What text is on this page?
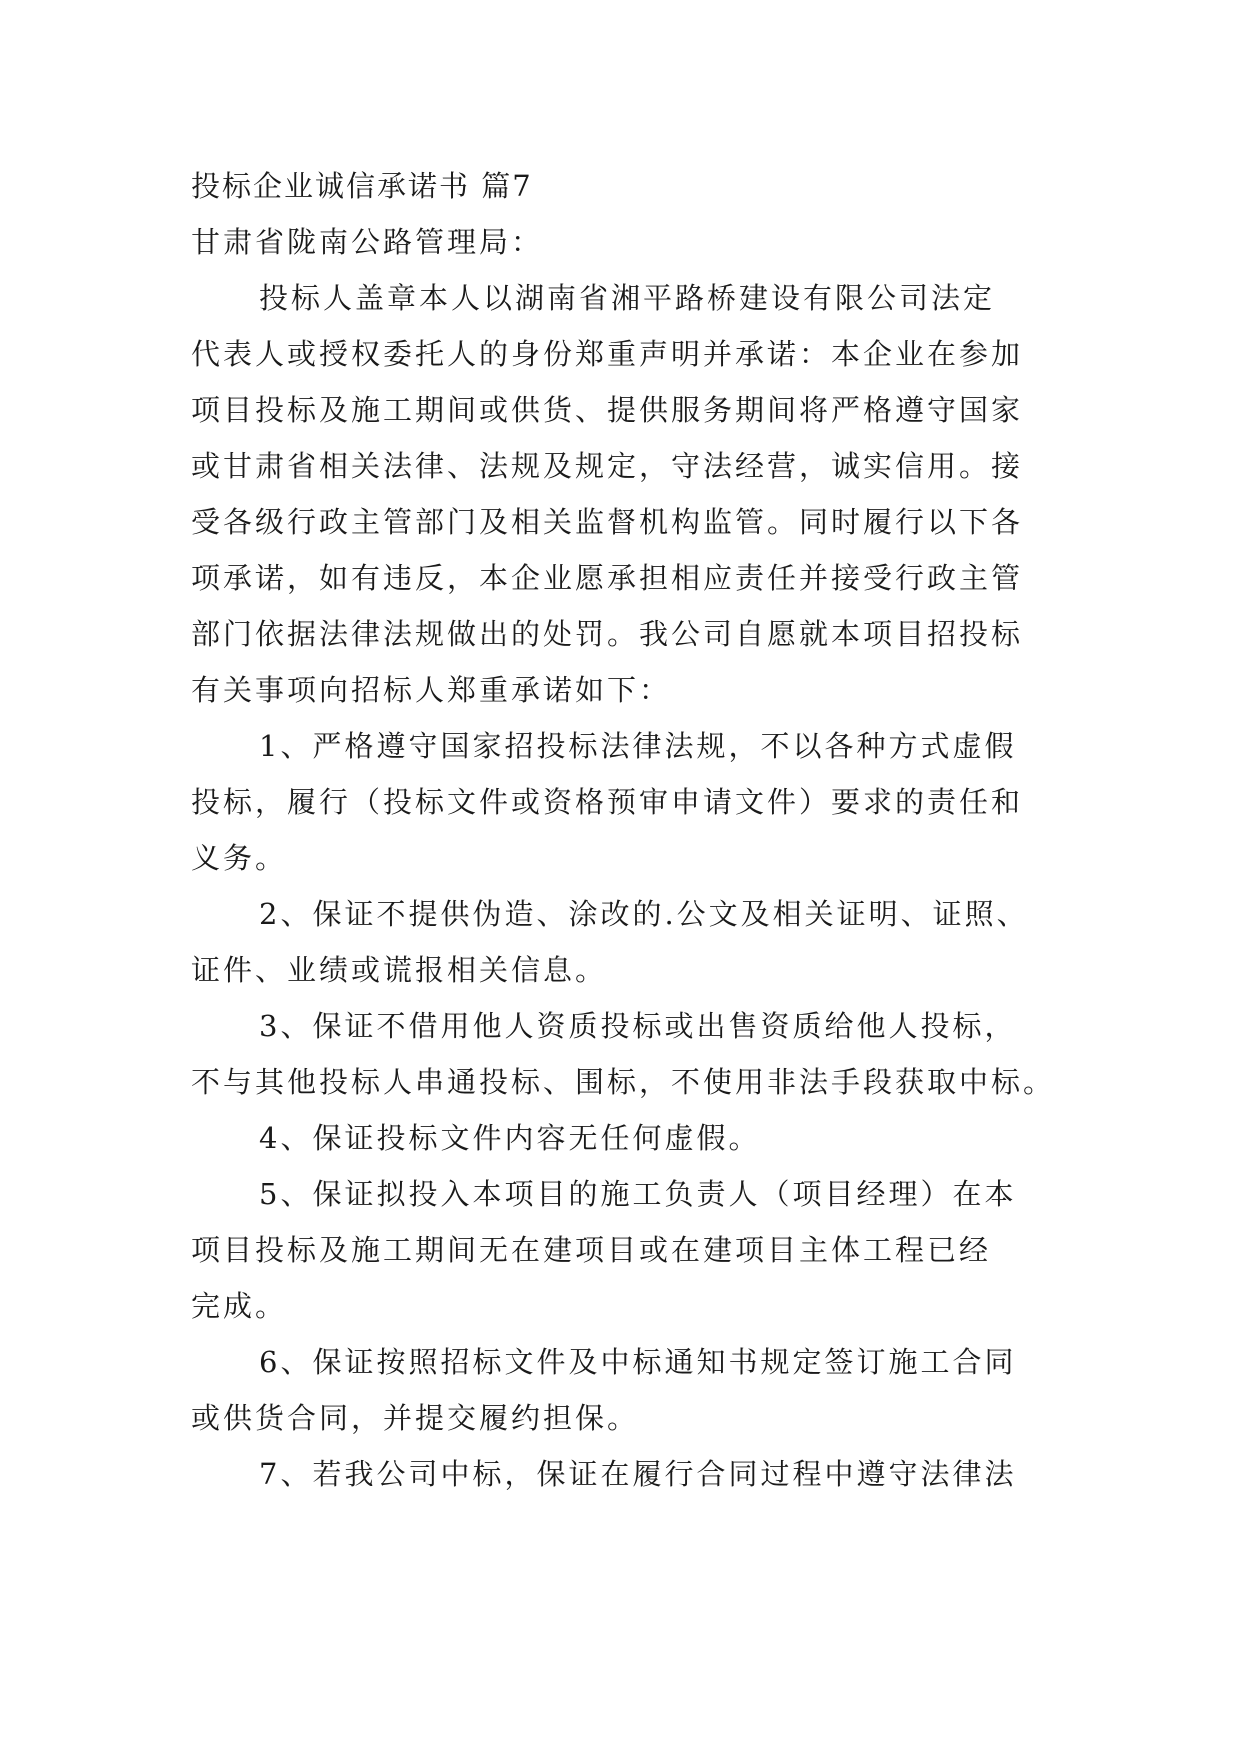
投标企业诚信承诺书 篇7
甘肃省陇南公路管理局：
投标人盖章本人以湖南省湘平路桥建设有限公司法定
代表人或授权委托人的身份郑重声明并承诺：本企业在参加
项目投标及施工期间或供货、提供服务期间将严格遵守国家
或甘肃省相关法律、法规及规定，守法经营，诚实信用。接
受各级行政主管部门及相关监督机构监管。同时履行以下各
项承诺，如有违反，本企业愿承担相应责任并接受行政主管
部门依据法律法规做出的处罚。我公司自愿就本项目招投标
有关事项向招标人郑重承诺如下：
1、严格遵守国家招投标法律法规，不以各种方式虚假
投标，履行（投标文件或资格预审申请文件）要求的责任和
义务。
2、保证不提供伪造、涂改的.公文及相关证明、证照、
证件、业绩或谎报相关信息。
3、保证不借用他人资质投标或出售资质给他人投标，
不与其他投标人串通投标、围标，不使用非法手段获取中标。
4、保证投标文件内容无任何虚假。
5、保证拟投入本项目的施工负责人（项目经理）在本
项目投标及施工期间无在建项目或在建项目主体工程已经
完成。
6、保证按照招标文件及中标通知书规定签订施工合同
或供货合同，并提交履约担保。
7、若我公司中标，保证在履行合同过程中遵守法律法
